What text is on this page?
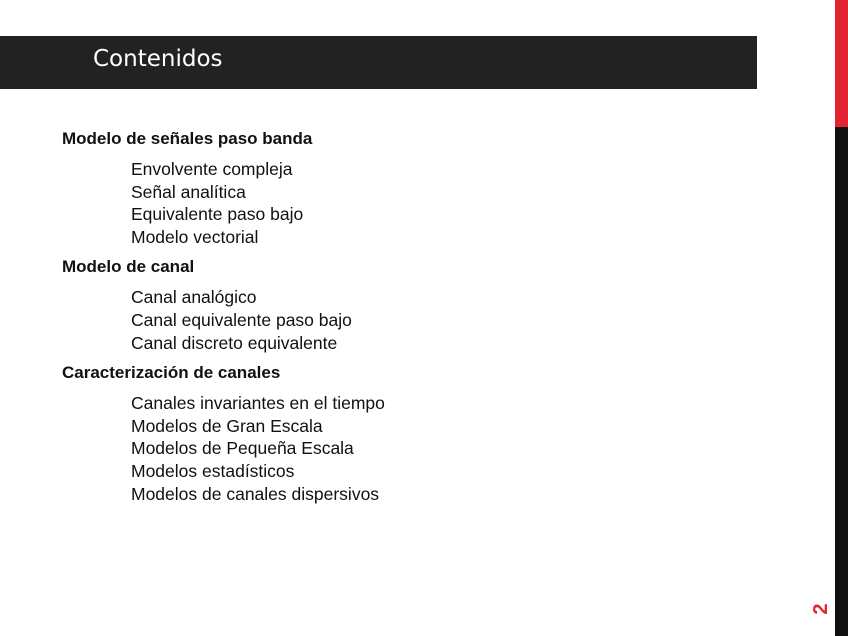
Contenidos
2

Modelo de señales paso banda

Envolvente compleja
Señal analítica
Equivalente paso bajo
Modelo vectorial

Modelo de canal

Canal analógico
Canal equivalente paso bajo
Canal discreto equivalente

Caracterización de canales

Canales invariantes en el tiempo
Modelos de Gran Escala
Modelos de Pequeña Escala
Modelos estadísticos
Modelos de canales dispersivos
